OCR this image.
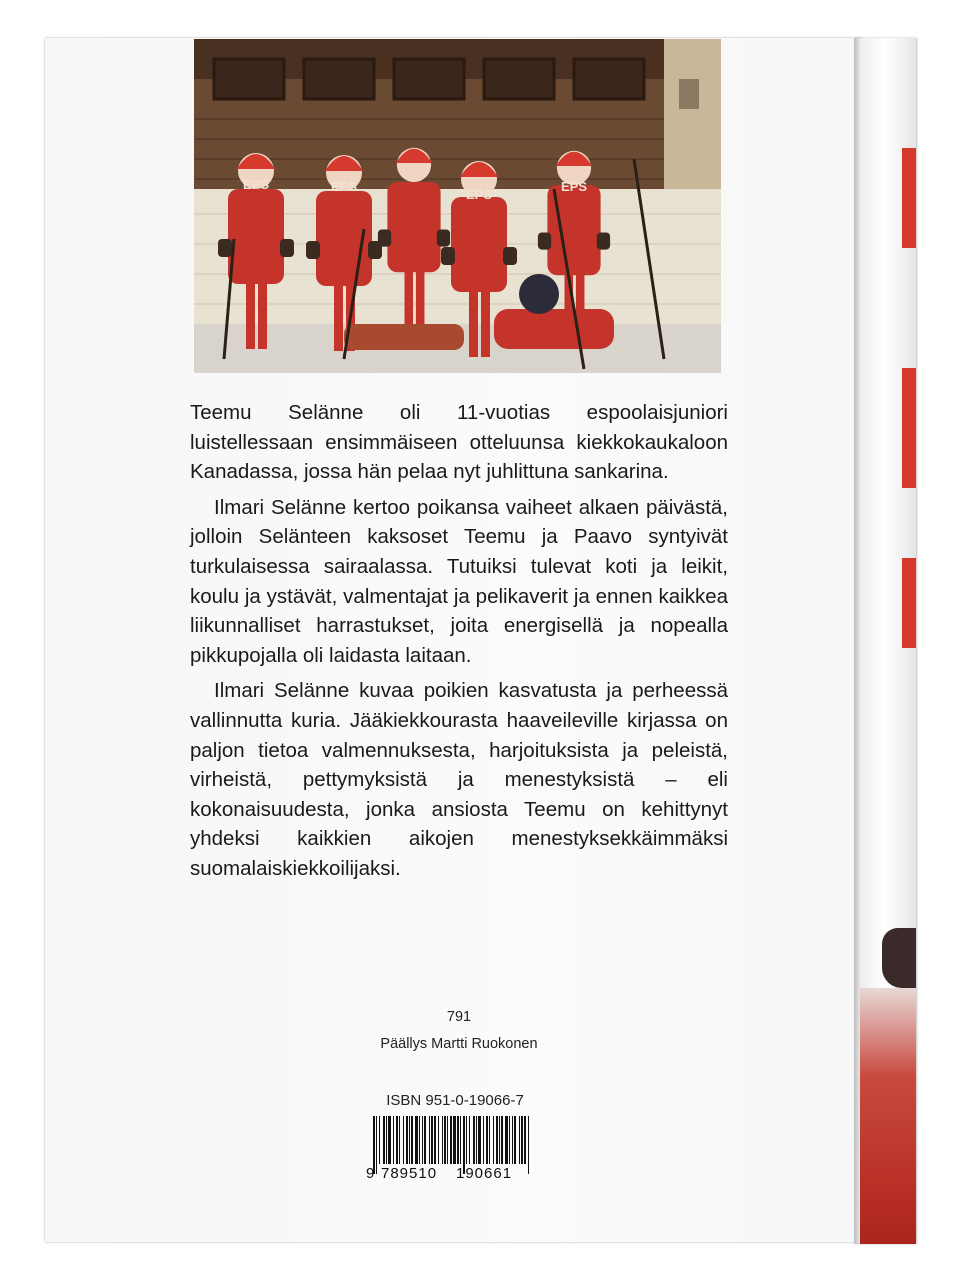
EPS	EPS
EPS
EPS

Teemu Selänne oli 11-vuotias espoolaisjuniori luistellessaan ensimmäiseen otteluunsa kiekkokaukaloon Kanadassa, jossa hän pelaa nyt juhlittuna sankarina.

Ilmari Selänne kertoo poikansa vaiheet alkaen päivästä, jolloin Selänteen kaksoset Teemu ja Paavo syntyivät turkulaisessa sairaalassa. Tutuiksi tulevat koti ja leikit, koulu ja ystävät, valmentajat ja pelikaverit ja ennen kaikkea liikunnalliset harrastukset, joita energisellä ja nopealla pikkupojalla oli laidasta laitaan.

Ilmari Selänne kuvaa poikien kasvatusta ja perheessä vallinnutta kuria. Jääkiekkourasta haaveileville kirjassa on paljon tietoa valmennuksesta, harjoituksista ja peleistä, virheistä, pettymyksistä ja menestyksistä – eli kokonaisuudesta, jonka ansiosta Teemu on kehittynyt yhdeksi kaikkien aikojen menestyksekkäimmäksi suomalaiskiekkoilijaksi.

791
Päällys Martti Ruokonen
ISBN 951-0-19066-7
9 789510 190661
